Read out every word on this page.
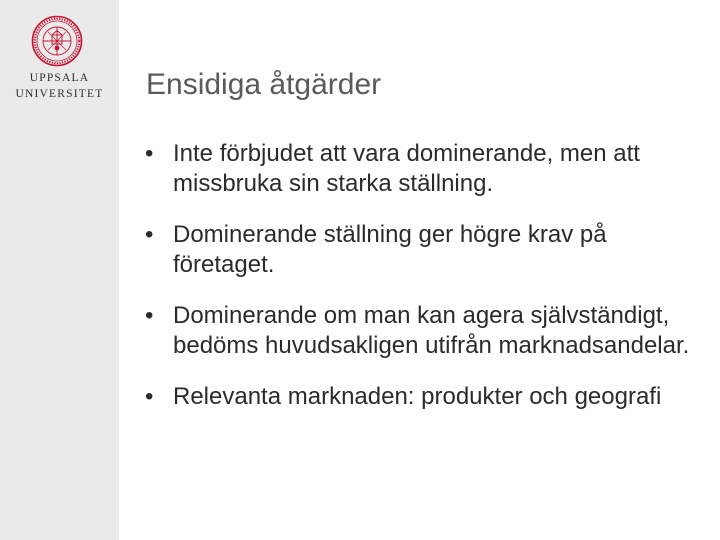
UPPSALA
UNIVERSITET	Ensidiga åtgärder
• Inte förbjudet att vara dominerande, men att missbruka sin starka ställning.
• Dominerande ställning ger högre krav på företaget.
• Dominerande om man kan agera självständigt, bedöms huvudsakligen utifrån marknadsandelar.
• Relevanta marknaden: produkter och geografi
